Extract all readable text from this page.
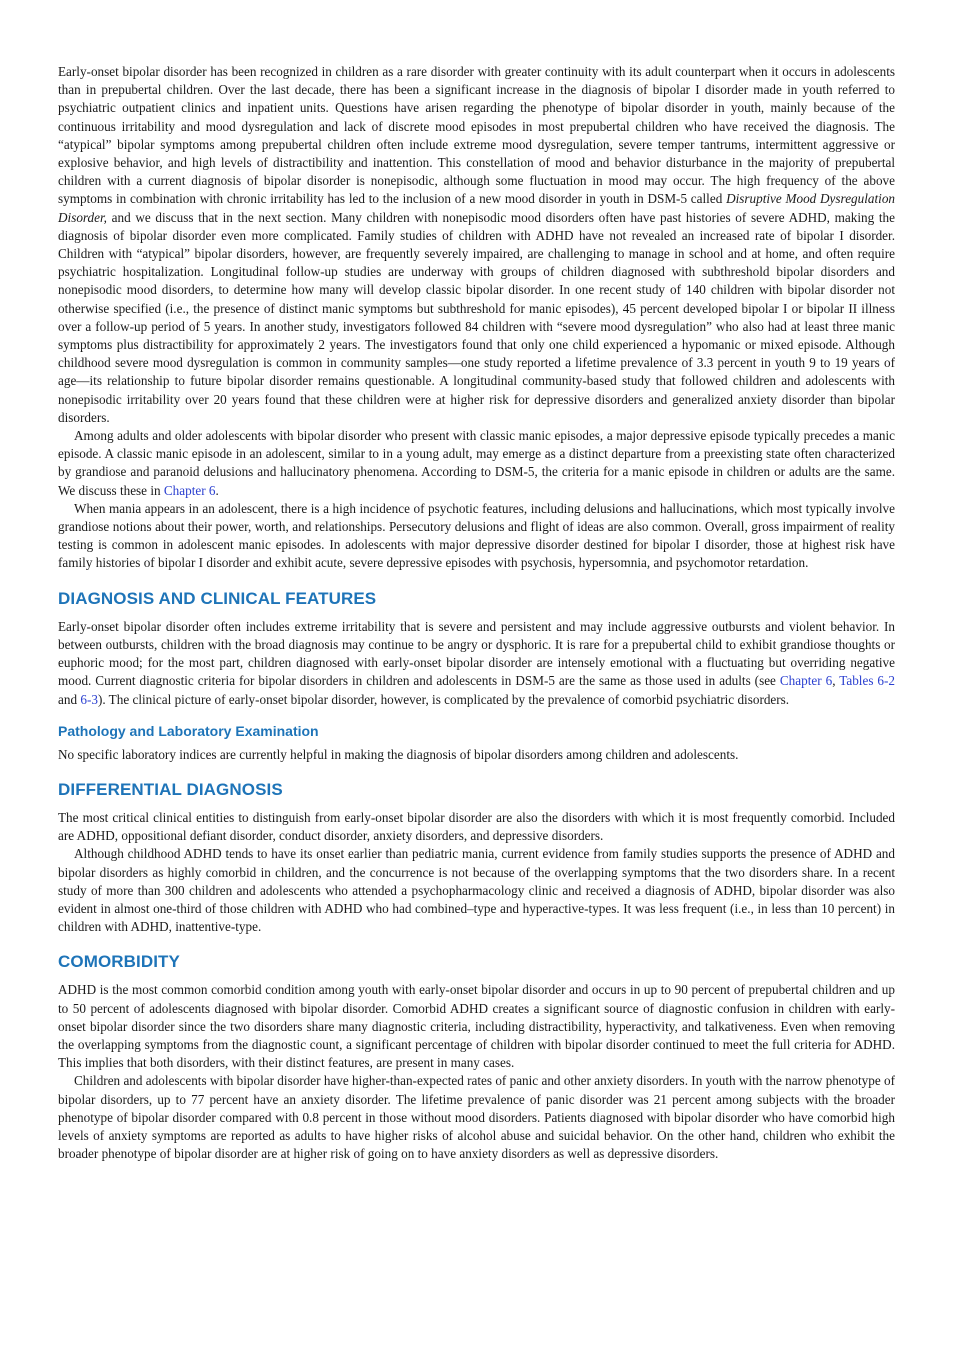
Early-onset bipolar disorder has been recognized in children as a rare disorder with greater continuity with its adult counterpart when it occurs in adolescents than in prepubertal children. Over the last decade, there has been a significant increase in the diagnosis of bipolar I disorder made in youth referred to psychiatric outpatient clinics and inpatient units. Questions have arisen regarding the phenotype of bipolar disorder in youth, mainly because of the continuous irritability and mood dysregulation and lack of discrete mood episodes in most prepubertal children who have received the diagnosis. The “atypical” bipolar symptoms among prepubertal children often include extreme mood dysregulation, severe temper tantrums, intermittent aggressive or explosive behavior, and high levels of distractibility and inattention. This constellation of mood and behavior disturbance in the majority of prepubertal children with a current diagnosis of bipolar disorder is nonepisodic, although some fluctuation in mood may occur. The high frequency of the above symptoms in combination with chronic irritability has led to the inclusion of a new mood disorder in youth in DSM-5 called Disruptive Mood Dysregulation Disorder, and we discuss that in the next section. Many children with nonepisodic mood disorders often have past histories of severe ADHD, making the diagnosis of bipolar disorder even more complicated. Family studies of children with ADHD have not revealed an increased rate of bipolar I disorder. Children with “atypical” bipolar disorders, however, are frequently severely impaired, are challenging to manage in school and at home, and often require psychiatric hospitalization. Longitudinal follow-up studies are underway with groups of children diagnosed with subthreshold bipolar disorders and nonepisodic mood disorders, to determine how many will develop classic bipolar disorder. In one recent study of 140 children with bipolar disorder not otherwise specified (i.e., the presence of distinct manic symptoms but subthreshold for manic episodes), 45 percent developed bipolar I or bipolar II illness over a follow-up period of 5 years. In another study, investigators followed 84 children with “severe mood dysregulation” who also had at least three manic symptoms plus distractibility for approximately 2 years. The investigators found that only one child experienced a hypomanic or mixed episode. Although childhood severe mood dysregulation is common in community samples—one study reported a lifetime prevalence of 3.3 percent in youth 9 to 19 years of age—its relationship to future bipolar disorder remains questionable. A longitudinal community-based study that followed children and adolescents with nonepisodic irritability over 20 years found that these children were at higher risk for depressive disorders and generalized anxiety disorder than bipolar disorders.

Among adults and older adolescents with bipolar disorder who present with classic manic episodes, a major depressive episode typically precedes a manic episode. A classic manic episode in an adolescent, similar to in a young adult, may emerge as a distinct departure from a preexisting state often characterized by grandiose and paranoid delusions and hallucinatory phenomena. According to DSM-5, the criteria for a manic episode in children or adults are the same. We discuss these in Chapter 6.

When mania appears in an adolescent, there is a high incidence of psychotic features, including delusions and hallucinations, which most typically involve grandiose notions about their power, worth, and relationships. Persecutory delusions and flight of ideas are also common. Overall, gross impairment of reality testing is common in adolescent manic episodes. In adolescents with major depressive disorder destined for bipolar I disorder, those at highest risk have family histories of bipolar I disorder and exhibit acute, severe depressive episodes with psychosis, hypersomnia, and psychomotor retardation.

DIAGNOSIS AND CLINICAL FEATURES

Early-onset bipolar disorder often includes extreme irritability that is severe and persistent and may include aggressive outbursts and violent behavior. In between outbursts, children with the broad diagnosis may continue to be angry or dysphoric. It is rare for a prepubertal child to exhibit grandiose thoughts or euphoric mood; for the most part, children diagnosed with early-onset bipolar disorder are intensely emotional with a fluctuating but overriding negative mood. Current diagnostic criteria for bipolar disorders in children and adolescents in DSM-5 are the same as those used in adults (see Chapter 6, Tables 6-2 and 6-3). The clinical picture of early-onset bipolar disorder, however, is complicated by the prevalence of comorbid psychiatric disorders.

Pathology and Laboratory Examination

No specific laboratory indices are currently helpful in making the diagnosis of bipolar disorders among children and adolescents.

DIFFERENTIAL DIAGNOSIS

The most critical clinical entities to distinguish from early-onset bipolar disorder are also the disorders with which it is most frequently comorbid. Included are ADHD, oppositional defiant disorder, conduct disorder, anxiety disorders, and depressive disorders.

Although childhood ADHD tends to have its onset earlier than pediatric mania, current evidence from family studies supports the presence of ADHD and bipolar disorders as highly comorbid in children, and the concurrence is not because of the overlapping symptoms that the two disorders share. In a recent study of more than 300 children and adolescents who attended a psychopharmacology clinic and received a diagnosis of ADHD, bipolar disorder was also evident in almost one-third of those children with ADHD who had combined–type and hyperactive-types. It was less frequent (i.e., in less than 10 percent) in children with ADHD, inattentive-type.

COMORBIDITY

ADHD is the most common comorbid condition among youth with early-onset bipolar disorder and occurs in up to 90 percent of prepubertal children and up to 50 percent of adolescents diagnosed with bipolar disorder. Comorbid ADHD creates a significant source of diagnostic confusion in children with early-onset bipolar disorder since the two disorders share many diagnostic criteria, including distractibility, hyperactivity, and talkativeness. Even when removing the overlapping symptoms from the diagnostic count, a significant percentage of children with bipolar disorder continued to meet the full criteria for ADHD. This implies that both disorders, with their distinct features, are present in many cases.

Children and adolescents with bipolar disorder have higher-than-expected rates of panic and other anxiety disorders. In youth with the narrow phenotype of bipolar disorders, up to 77 percent have an anxiety disorder. The lifetime prevalence of panic disorder was 21 percent among subjects with the broader phenotype of bipolar disorder compared with 0.8 percent in those without mood disorders. Patients diagnosed with bipolar disorder who have comorbid high levels of anxiety symptoms are reported as adults to have higher risks of alcohol abuse and suicidal behavior. On the other hand, children who exhibit the broader phenotype of bipolar disorder are at higher risk of going on to have anxiety disorders as well as depressive disorders.
